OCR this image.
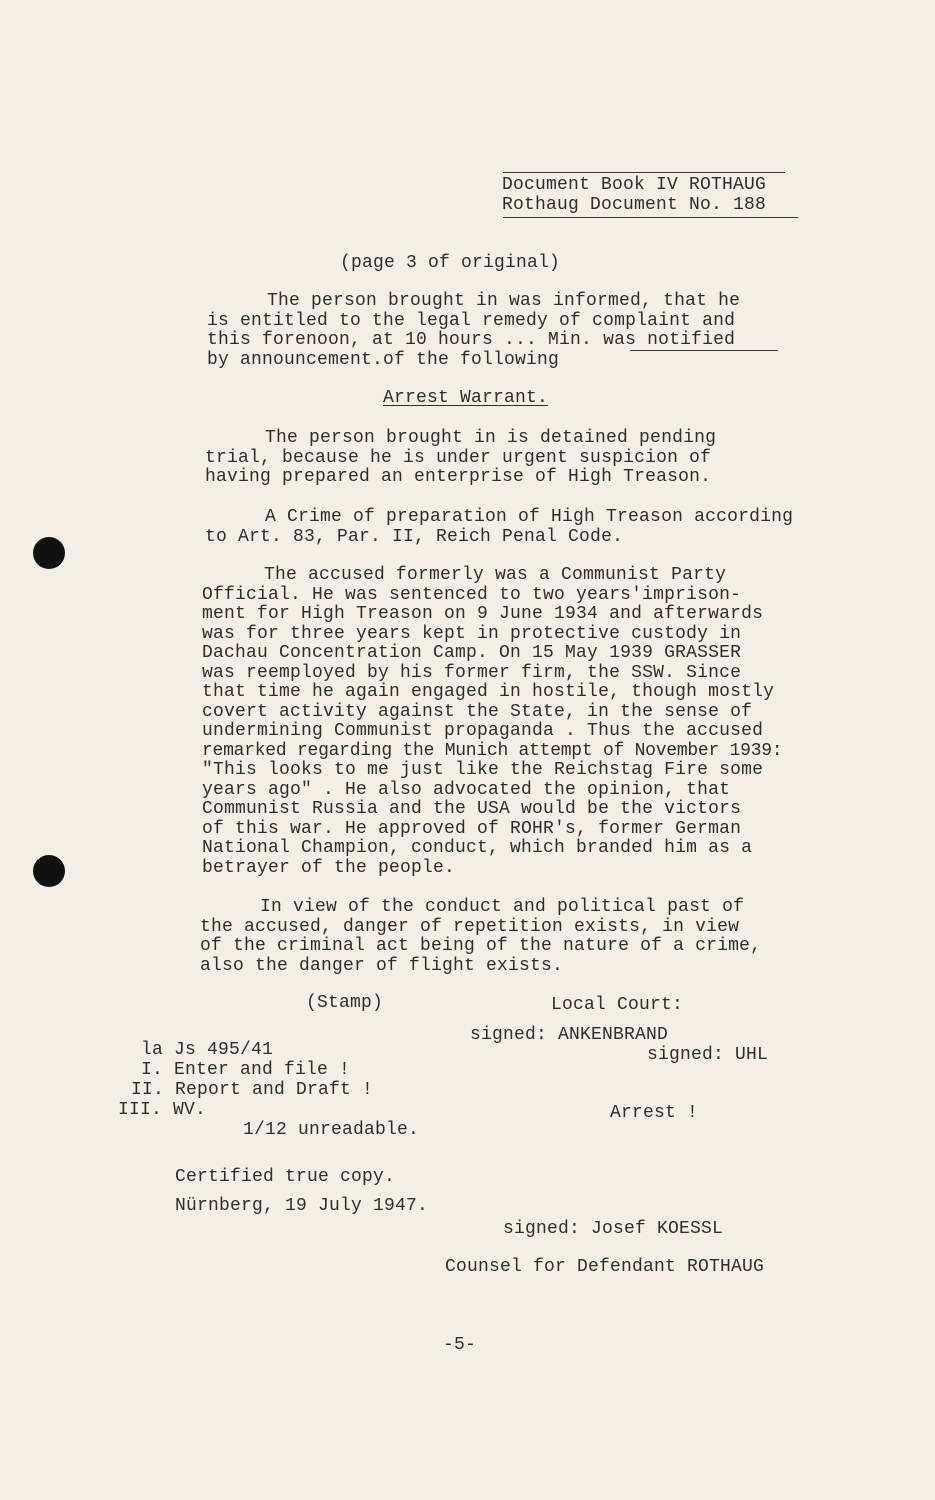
Document Book IV ROTHAUG
Rothaug Document No. 188
(page 3 of original)
The person brought in was informed, that he
is entitled to the legal remedy of complaint and
this forenoon, at 10 hours ... Min. was notified
by announcement.of the following
Arrest Warrant.
The person brought in is detained pending
trial, because he is under urgent suspicion of
having prepared an enterprise of High Treason.
A Crime of preparation of High Treason according
to Art. 83, Par. II, Reich Penal Code.
The accused formerly was a Communist Party
Official. He was sentenced to two years'imprison-
ment for High Treason on 9 June 1934 and afterwards
was for three years kept in protective custody in
Dachau Concentration Camp. On 15 May 1939 GRASSER
was reemployed by his former firm, the SSW. Since
that time he again engaged in hostile, though mostly
covert activity against the State, in the sense of
undermining Communist propaganda . Thus the accused
remarked regarding the Munich attempt of November 1939:
"This looks to me just like the Reichstag Fire some
years ago" . He also advocated the opinion, that
Communist Russia and the USA would be the victors
of this war. He approved of ROHR's, former German
National Champion, conduct, which branded him as a
betrayer of the people.
In view of the conduct and political past of
the accused, danger of repetition exists, in view
of the criminal act being of the nature of a crime,
also the danger of flight exists.
(Stamp)	Local Court:
signed: ANKENBRAND
signed: UHL
la Js 495/41
I. Enter and file !
II. Report and Draft !
III. WV.
1/12 unreadable.
Arrest !
Certified true copy.
Nürnberg, 19 July 1947.
signed: Josef KOESSL
Counsel for Defendant ROTHAUG
-5-
